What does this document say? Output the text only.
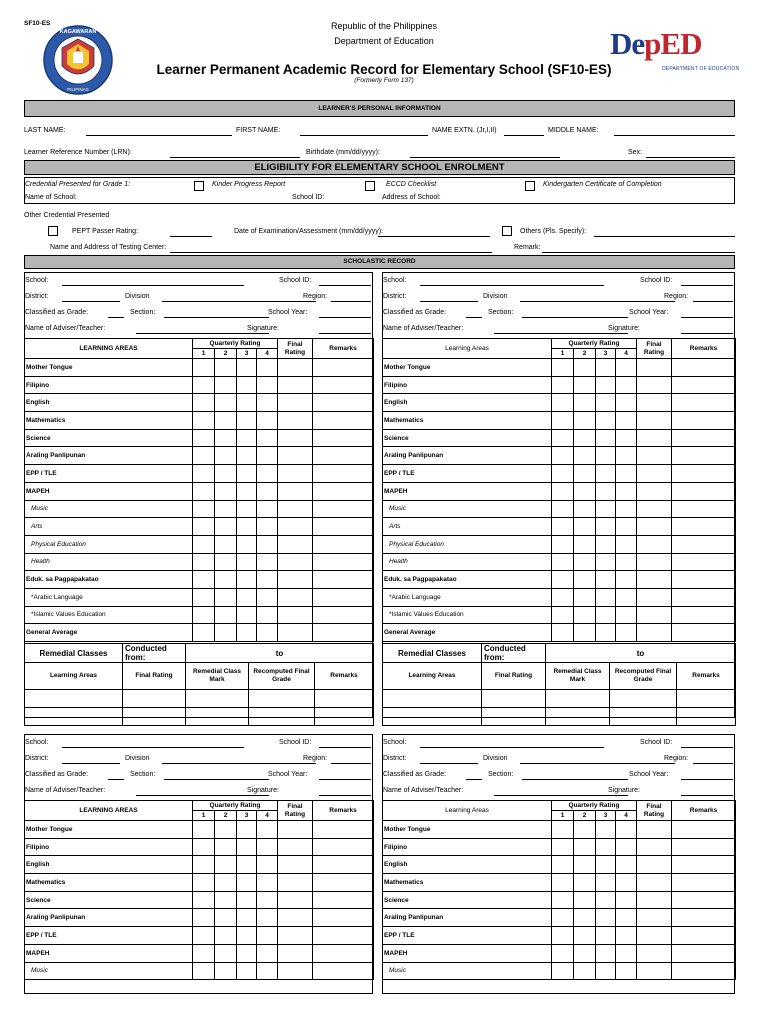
SF10-ES
KAGAWARAN
PILIPINAS
Republic of the Philippines
Department of Education
Learner Permanent Academic Record for Elementary School (SF10-ES)
(Formerly Form 137)
DepED
DEPARTMENT OF EDUCATION
LEARNER'S PERSONAL INFORMATION
LAST NAME:	FIRST NAME:	NAME EXTN. (Jr,I,II)	MIDDLE NAME:
Learner Reference Number (LRN):	Birthdate (mm/dd/yyyy):	Sex:
ELIGIBILITY FOR ELEMENTARY SCHOOL ENROLMENT
Credential Presented for Grade 1:	Kinder Progress Report	ECCD Checklist	Kindergarten Certificate of Completion
Name of School:	School ID:	Address of School:
Other Credential Presented
PEPT Passer Rating:	Date of Examination/Assessment (mm/dd/yyyy):	Others (Pls. Specify):
Name and Address of Testing Center:	Remark:
SCHOLASTIC RECORD
School:	School ID:
District:	Division	Region:
Classified as Grade:	Section:	School Year:
Name of Adviser/Teacher:	Signature:
LEARNING AREAS	Quarterly Rating				Final
Rating	Remarks
	1	2	3	4		
Mother Tongue						
Filipino						
English						
Mathematics						
Science						
Araling Panlipunan						
EPP / TLE						
MAPEH						
Music						
Arts						
Physical Education						
Health						
Eduk. sa Pagpapakatao						
*Arabic Language						
*Islamic Values Education						
General Average						
Remedial Classes	Conducted from:	to		
Learning Areas	Final Rating	Remedial Class Mark	Recomputed Final Grade	Remarks

School:	School ID:
District:	Division	Region:
Classified as Grade:	Section:	School Year:
Name of Adviser/Teacher:	Signature:
Learning Areas	Quarterly Rating				Final
Rating	Remarks
	1	2	3	4		
Mother Tongue						
Filipino						
English						
Mathematics						
Science						
Araling Panlipunan						
EPP / TLE						
MAPEH						
Music						
Arts						
Physical Education						
Health						
Eduk. sa Pagpapakatao						
*Arabic Language						
*Islamic Values Education						
General Average						
Remedial Classes	Conducted from:	to		
Learning Areas	Final Rating	Remedial Class Mark	Recomputed Final Grade	Remarks

School:	School ID:
District:	Division	Region:
Classified as Grade:	Section:	School Year:
Name of Adviser/Teacher:	Signature:
LEARNING AREAS	Quarterly Rating				Final
Rating	Remarks
	1	2	3	4		
Mother Tongue						
Filipino						
English						
Mathematics						
Science						
Araling Panlipunan						
EPP / TLE						
MAPEH						
Music						
School:	School ID:
District:	Division	Region:
Classified as Grade:	Section:	School Year:
Name of Adviser/Teacher:	Signature:
Learning Areas	Quarterly Rating				Final
Rating	Remarks
	1	2	3	4		
Mother Tongue						
Filipino						
English						
Mathematics						
Science						
Araling Panlipunan						
EPP / TLE						
MAPEH						
Music						
